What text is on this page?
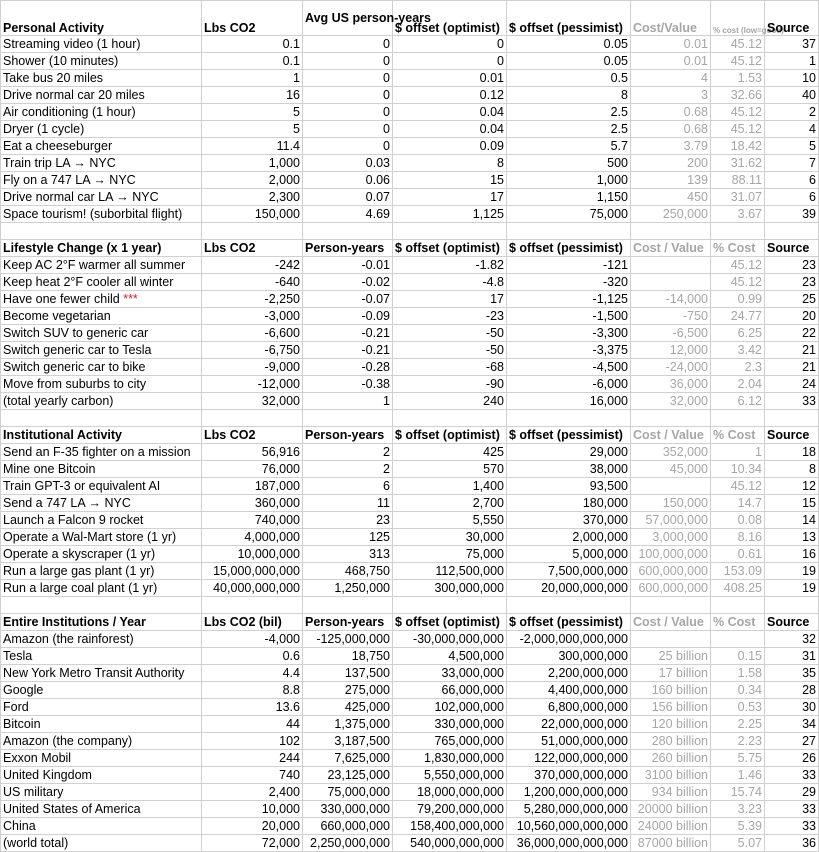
Personal Activity	Lbs CO2	Avg US person-years	$ offset (optimist)	$ offset (pessimist)	Cost/Value	% cost (low=good)	Source
Streaming video (1 hour)	0.1	0	0	0.05	0.01	45.12	37
Shower (10 minutes)	0.1	0	0	0.05	0.01	45.12	1
Take bus 20 miles	1	0	0.01	0.5	4	1.53	10
Drive normal car 20 miles	16	0	0.12	8	3	32.66	40
Air conditioning (1 hour)	5	0	0.04	2.5	0.68	45.12	2
Dryer (1 cycle)	5	0	0.04	2.5	0.68	45.12	4
Eat a cheeseburger	11.4	0	0.09	5.7	3.79	18.42	5
Train trip LA → NYC	1,000	0.03	8	500	200	31.62	7
Fly on a 747 LA → NYC	2,000	0.06	15	1,000	139	88.11	6
Drive normal car LA → NYC	2,300	0.07	17	1,150	450	31.07	6
Space tourism! (suborbital flight)	150,000	4.69	1,125	75,000	250,000	3.67	39

Lifestyle Change (x 1 year)	Lbs CO2	Person-years	$ offset (optimist)	$ offset (pessimist)	Cost / Value	% Cost	Source
Keep AC 2°F warmer all summer	-242	-0.01	-1.82	-121		45.12	23
Keep heat 2°F cooler all winter	-640	-0.02	-4.8	-320		45.12	23
Have one fewer child ***	-2,250	-0.07	17	-1,125	-14,000	0.99	25
Become vegetarian	-3,000	-0.09	-23	-1,500	-750	24.77	20
Switch SUV to generic car	-6,600	-0.21	-50	-3,300	-6,500	6.25	22
Switch generic car to Tesla	-6,750	-0.21	-50	-3,375	12,000	3.42	21
Switch generic car to bike	-9,000	-0.28	-68	-4,500	-24,000	2.3	21
Move from suburbs to city	-12,000	-0.38	-90	-6,000	36,000	2.04	24
(total yearly carbon)	32,000	1	240	16,000	32,000	6.12	33

Institutional Activity	Lbs CO2	Person-years	$ offset (optimist)	$ offset (pessimist)	Cost / Value	% Cost	Source
Send an F-35 fighter on a mission	56,916	2	425	29,000	352,000	1	18
Mine one Bitcoin	76,000	2	570	38,000	45,000	10.34	8
Train GPT-3 or equivalent AI	187,000	6	1,400	93,500		45.12	12
Send a 747 LA → NYC	360,000	11	2,700	180,000	150,000	14.7	15
Launch a Falcon 9 rocket	740,000	23	5,550	370,000	57,000,000	0.08	14
Operate a Wal-Mart store (1 yr)	4,000,000	125	30,000	2,000,000	3,000,000	8.16	13
Operate a skyscraper (1 yr)	10,000,000	313	75,000	5,000,000	100,000,000	0.61	16
Run a large gas plant (1 yr)	15,000,000,000	468,750	112,500,000	7,500,000,000	600,000,000	153.09	19
Run a large coal plant (1 yr)	40,000,000,000	1,250,000	300,000,000	20,000,000,000	600,000,000	408.25	19

Entire Institutions / Year	Lbs CO2 (bil)	Person-years	$ offset (optimist)	$ offset (pessimist)	Cost / Value	% Cost	Source
Amazon (the rainforest)	-4,000	-125,000,000	-30,000,000,000	-2,000,000,000,000			32
Tesla	0.6	18,750	4,500,000	300,000,000	25 billion	0.15	31
New York Metro Transit Authority	4.4	137,500	33,000,000	2,200,000,000	17 billion	1.58	35
Google	8.8	275,000	66,000,000	4,400,000,000	160 billion	0.34	28
Ford	13.6	425,000	102,000,000	6,800,000,000	156 billion	0.53	30
Bitcoin	44	1,375,000	330,000,000	22,000,000,000	120 billion	2.25	34
Amazon (the company)	102	3,187,500	765,000,000	51,000,000,000	280 billion	2.23	27
Exxon Mobil	244	7,625,000	1,830,000,000	122,000,000,000	260 billion	5.75	26
United Kingdom	740	23,125,000	5,550,000,000	370,000,000,000	3100 billion	1.46	33
US military	2,400	75,000,000	18,000,000,000	1,200,000,000,000	934 billion	15.74	29
United States of America	10,000	330,000,000	79,200,000,000	5,280,000,000,000	20000 billion	3.23	33
China	20,000	660,000,000	158,400,000,000	10,560,000,000,000	24000 billion	5.39	33
(world total)	72,000	2,250,000,000	540,000,000,000	36,000,000,000,000	87000 billion	5.07	36
